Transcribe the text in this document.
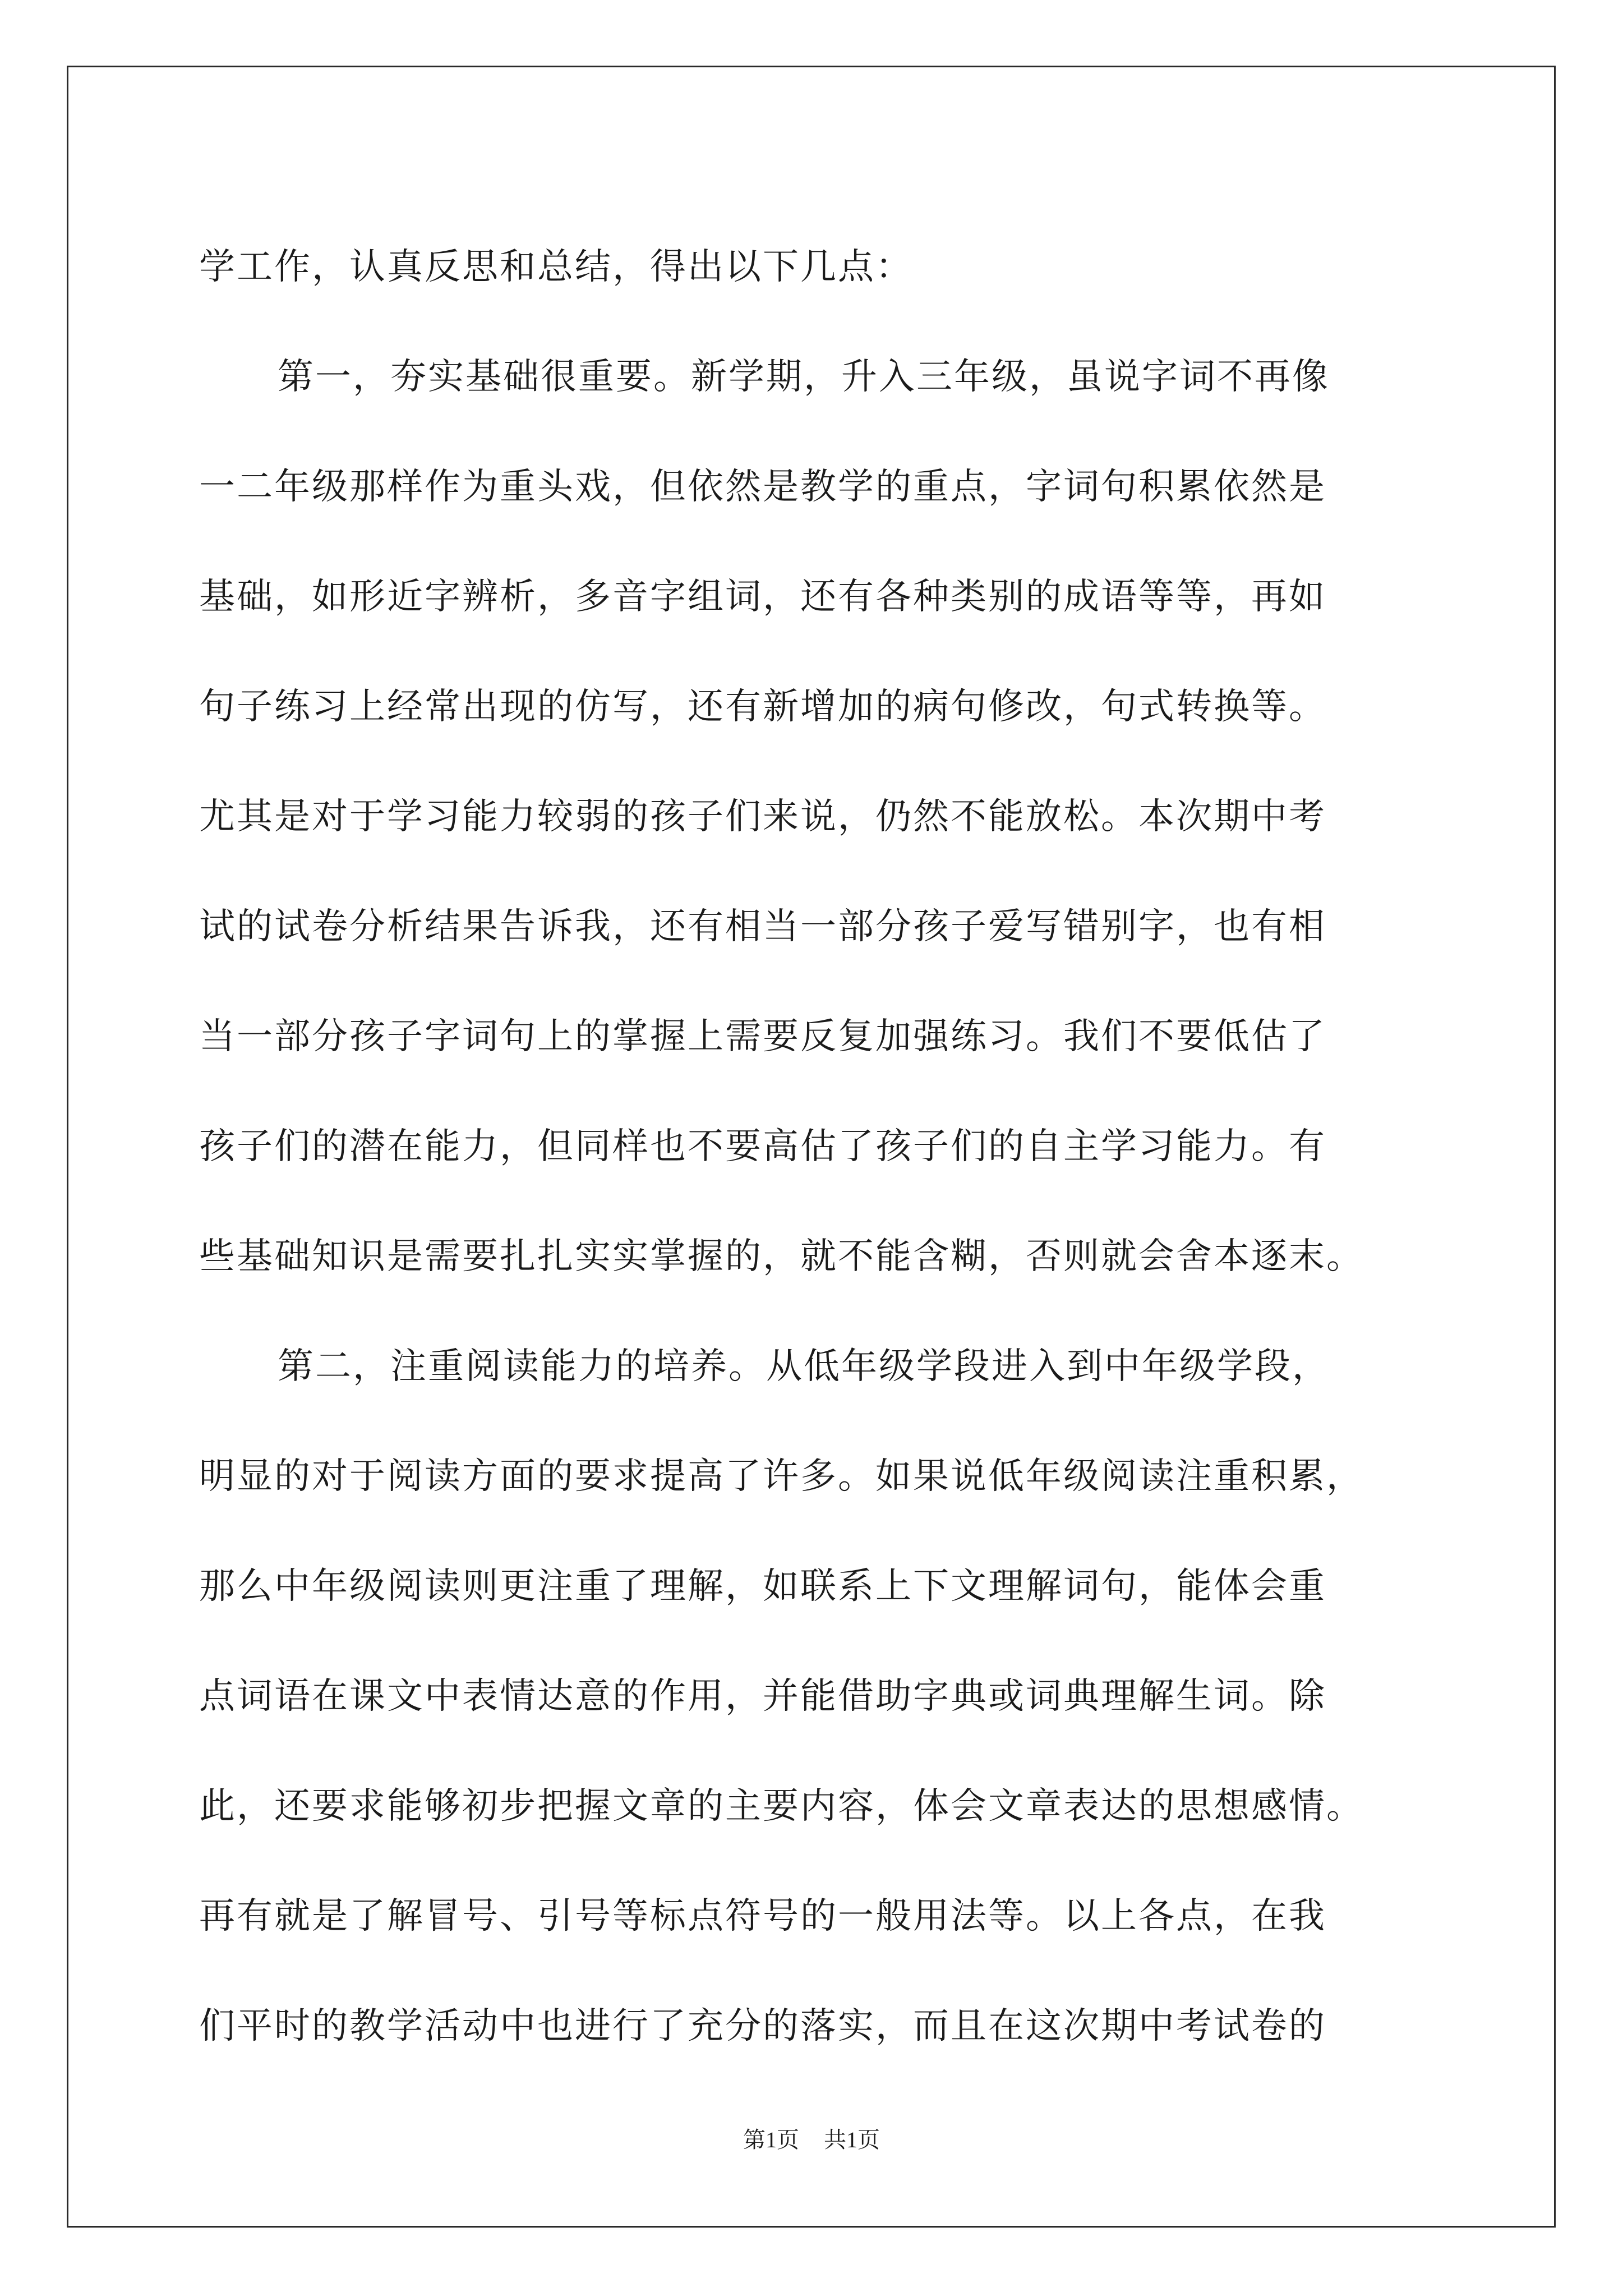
学工作，认真反思和总结，得出以下几点：
第一，夯实基础很重要。新学期，升入三年级，虽说字词不再像
一二年级那样作为重头戏，但依然是教学的重点，字词句积累依然是
基础，如形近字辨析，多音字组词，还有各种类别的成语等等，再如
句子练习上经常出现的仿写，还有新增加的病句修改，句式转换等。
尤其是对于学习能力较弱的孩子们来说，仍然不能放松。本次期中考
试的试卷分析结果告诉我，还有相当一部分孩子爱写错别字，也有相
当一部分孩子字词句上的掌握上需要反复加强练习。我们不要低估了
孩子们的潜在能力，但同样也不要高估了孩子们的自主学习能力。有
些基础知识是需要扎扎实实掌握的，就不能含糊，否则就会舍本逐末。
第二，注重阅读能力的培养。从低年级学段进入到中年级学段，
明显的对于阅读方面的要求提高了许多。如果说低年级阅读注重积累，
那么中年级阅读则更注重了理解，如联系上下文理解词句，能体会重
点词语在课文中表情达意的作用，并能借助字典或词典理解生词。除
此，还要求能够初步把握文章的主要内容，体会文章表达的思想感情。
再有就是了解冒号、引号等标点符号的一般用法等。以上各点，在我
们平时的教学活动中也进行了充分的落实，而且在这次期中考试卷的
第1页 共1页
